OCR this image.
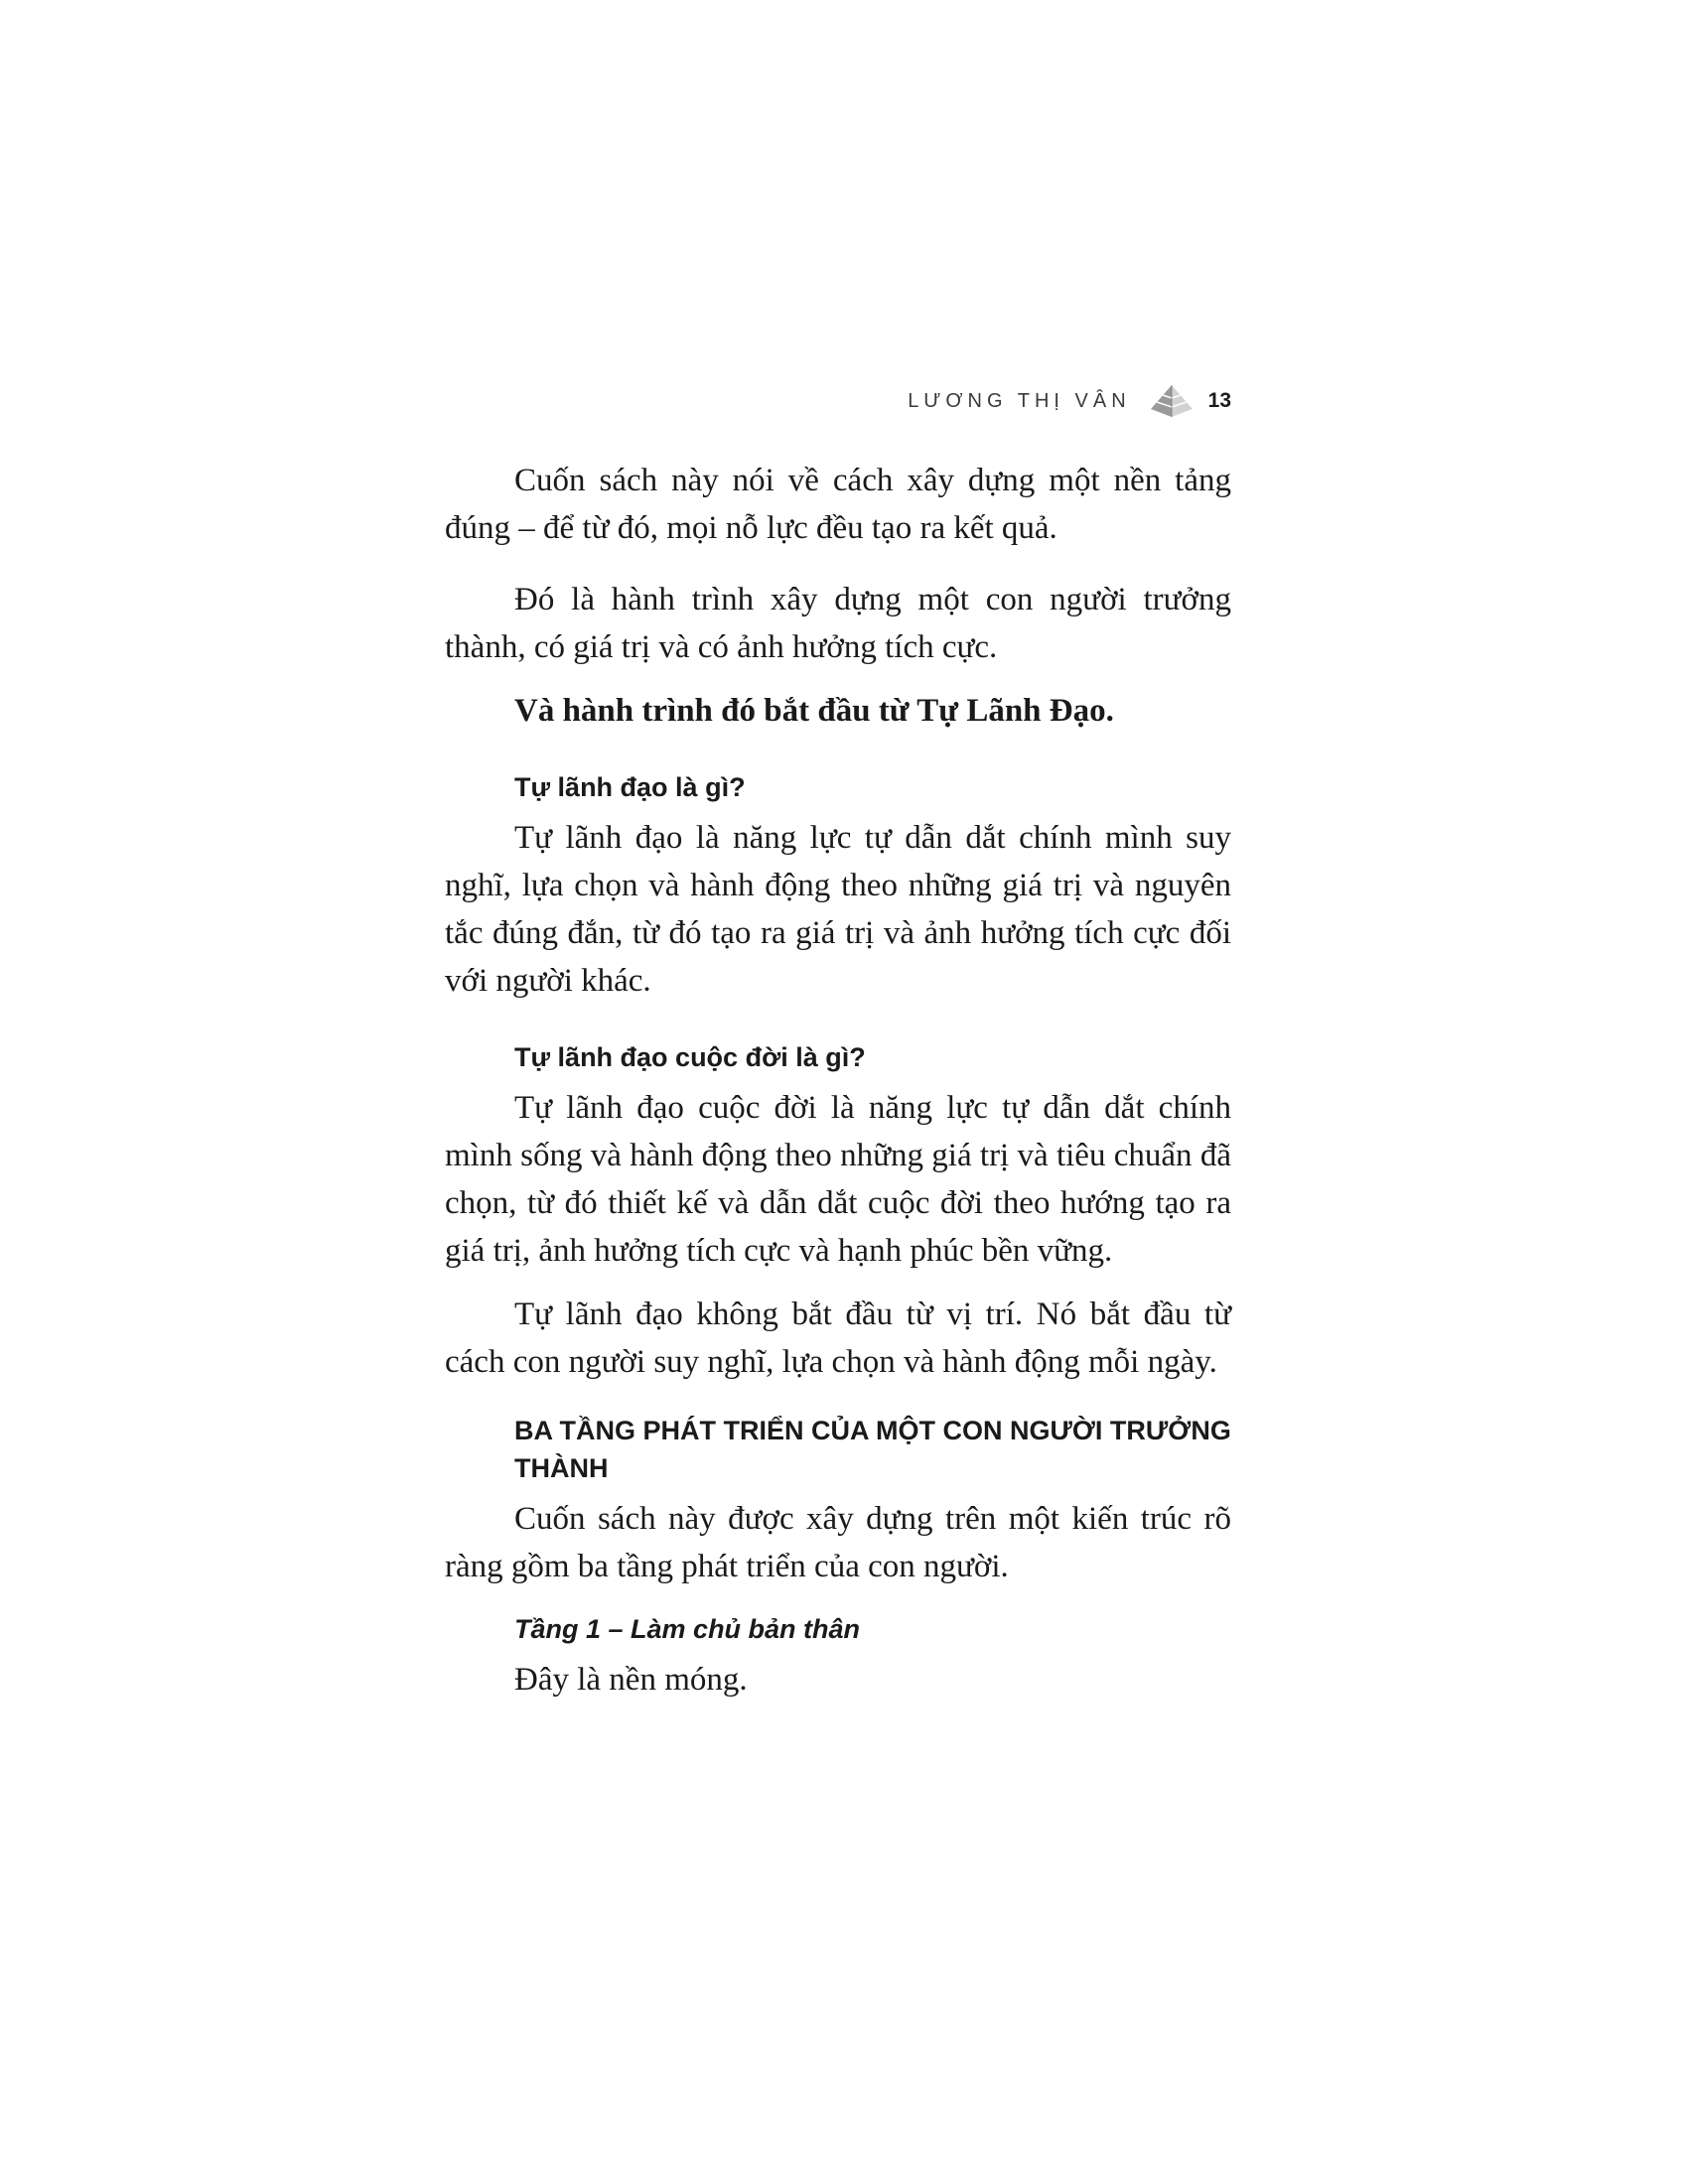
LƯƠNG THỊ VÂN	13

Cuốn sách này nói về cách xây dựng một nền tảng đúng – để từ đó, mọi nỗ lực đều tạo ra kết quả.

Đó là hành trình xây dựng một con người trưởng thành, có giá trị và có ảnh hưởng tích cực.

Và hành trình đó bắt đầu từ Tự Lãnh Đạo.

Tự lãnh đạo là gì?

Tự lãnh đạo là năng lực tự dẫn dắt chính mình suy nghĩ, lựa chọn và hành động theo những giá trị và nguyên tắc đúng đắn, từ đó tạo ra giá trị và ảnh hưởng tích cực đối với người khác.

Tự lãnh đạo cuộc đời là gì?

Tự lãnh đạo cuộc đời là năng lực tự dẫn dắt chính mình sống và hành động theo những giá trị và tiêu chuẩn đã chọn, từ đó thiết kế và dẫn dắt cuộc đời theo hướng tạo ra giá trị, ảnh hưởng tích cực và hạnh phúc bền vững.

Tự lãnh đạo không bắt đầu từ vị trí. Nó bắt đầu từ cách con người suy nghĩ, lựa chọn và hành động mỗi ngày.

BA TẦNG PHÁT TRIỂN CỦA MỘT CON NGƯỜI TRƯỞNG THÀNH

Cuốn sách này được xây dựng trên một kiến trúc rõ ràng gồm ba tầng phát triển của con người.

Tầng 1 – Làm chủ bản thân

Đây là nền móng.
